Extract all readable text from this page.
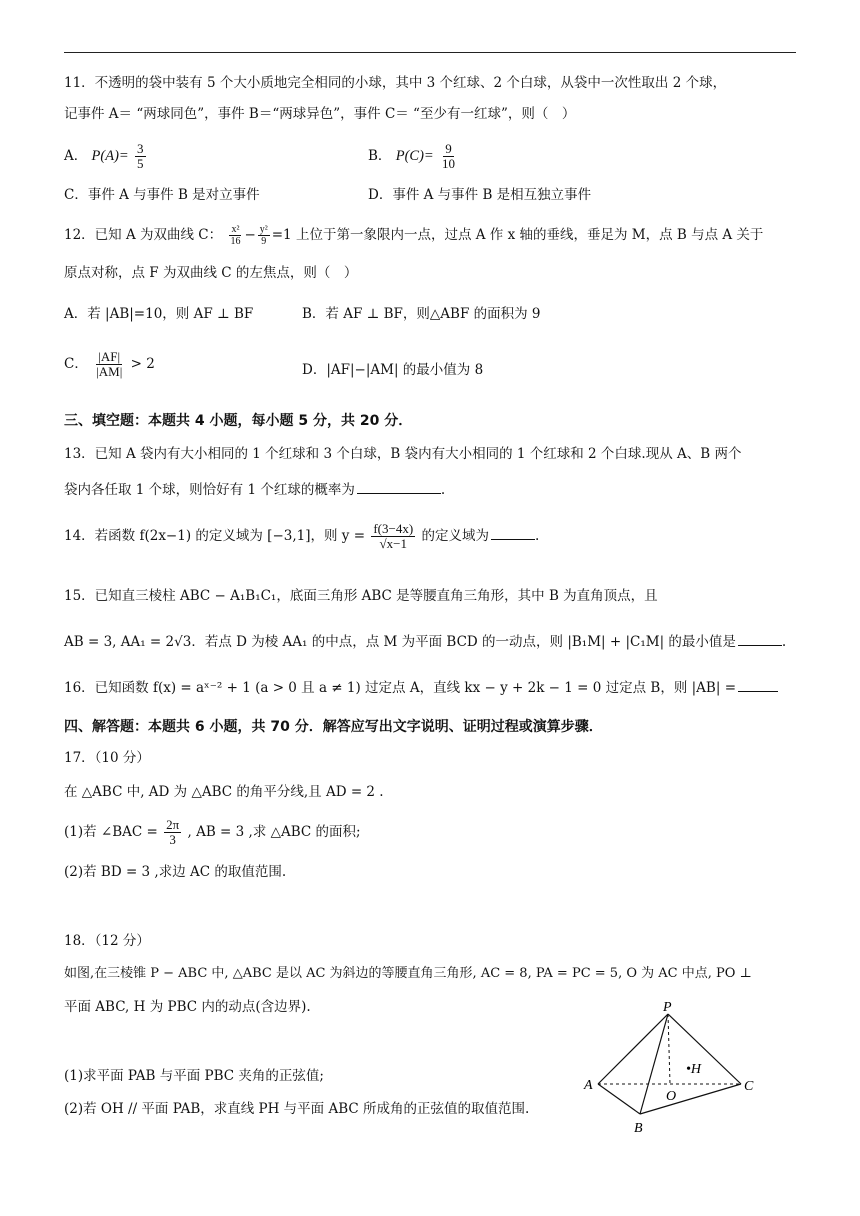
11．不透明的袋中装有 5 个大小质地完全相同的小球，其中 3 个红球、2 个白球，从袋中一次性取出 2 个球，
记事件 A＝ “两球同色”，事件 B＝“两球异色”，事件 C＝ “至少有一红球”，则（　）
A． $P(A)= \frac{3}{5}$	B． $P(C)= \frac{9}{10}$
C．事件 A 与事件 B 是对立事件	D．事件 A 与事件 B 是相互独立事件
12．已知 A 为双曲线 C： $\frac{\text{x²}}{16} - \frac{\text{y²}}{9} =1$ 上位于第一象限内一点，过点 A 作 x 轴的垂线，垂足为 M，点 B 与点 A 关于
原点对称，点 F 为双曲线 C 的左焦点，则（　）
A．若 |AB|=10，则 AF ⊥ BF	B．若 AF ⊥ BF，则△ABF 的面积为 9
C． $\frac{|AF|}{|AM|} > 2$	D．|AF|−|AM| 的最小值为 8
三、填空题：本题共 4 小题，每小题 5 分，共 20 分．
13．已知 A 袋内有大小相同的 1 个红球和 3 个白球，B 袋内有大小相同的 1 个红球和 2 个白球.现从 A、B 两个
袋内各任取 1 个球，则恰好有 1 个红球的概率为	.
14．若函数 f(2x−1) 的定义域为 [−3,1]，则 $y = \frac{f(3-4x)}{√x-1}$ 的定义域为	.
15．已知直三棱柱 ABC − A₁B₁C₁，底面三角形 ABC 是等腰直角三角形，其中 B 为直角顶点，且
AB = 3, AA₁ = 2√3．若点 D 为棱 AA₁ 的中点，点 M 为平面 BCD 的一动点，则 |B₁M| + |C₁M| 的最小值是	.
16．已知函数 f(x) = aˣ⁻² + 1 (a > 0 且 a ≠ 1) 过定点 A，直线 kx − y + 2k − 1 = 0 过定点 B，则 |AB| =
四、解答题：本题共 6 小题，共 70 分．解答应写出文字说明、证明过程或演算步骤．
17．（10 分）
在 △ABC 中, AD 为 △ABC 的角平分线,且 AD = 2 .
(1)若 ∠BAC = $\frac{2\pi}{3}$ , AB = 3 ,求 △ABC 的面积;
(2)若 BD = 3 ,求边 AC 的取值范围.
18．（12 分）
如图,在三棱锥 P − ABC 中, △ABC 是以 AC 为斜边的等腰直角三角形, AC = 8, PA = PC = 5, O 为 AC 中点, PO ⊥
平面 ABC, H 为 PBC 内的动点(含边界).
(1)求平面 PAB 与平面 PBC 夹角的正弦值;
(2)若 OH // 平面 PAB，求直线 PH 与平面 ABC 所成角的正弦值的取值范围.
P
A	C
B
O
•H
